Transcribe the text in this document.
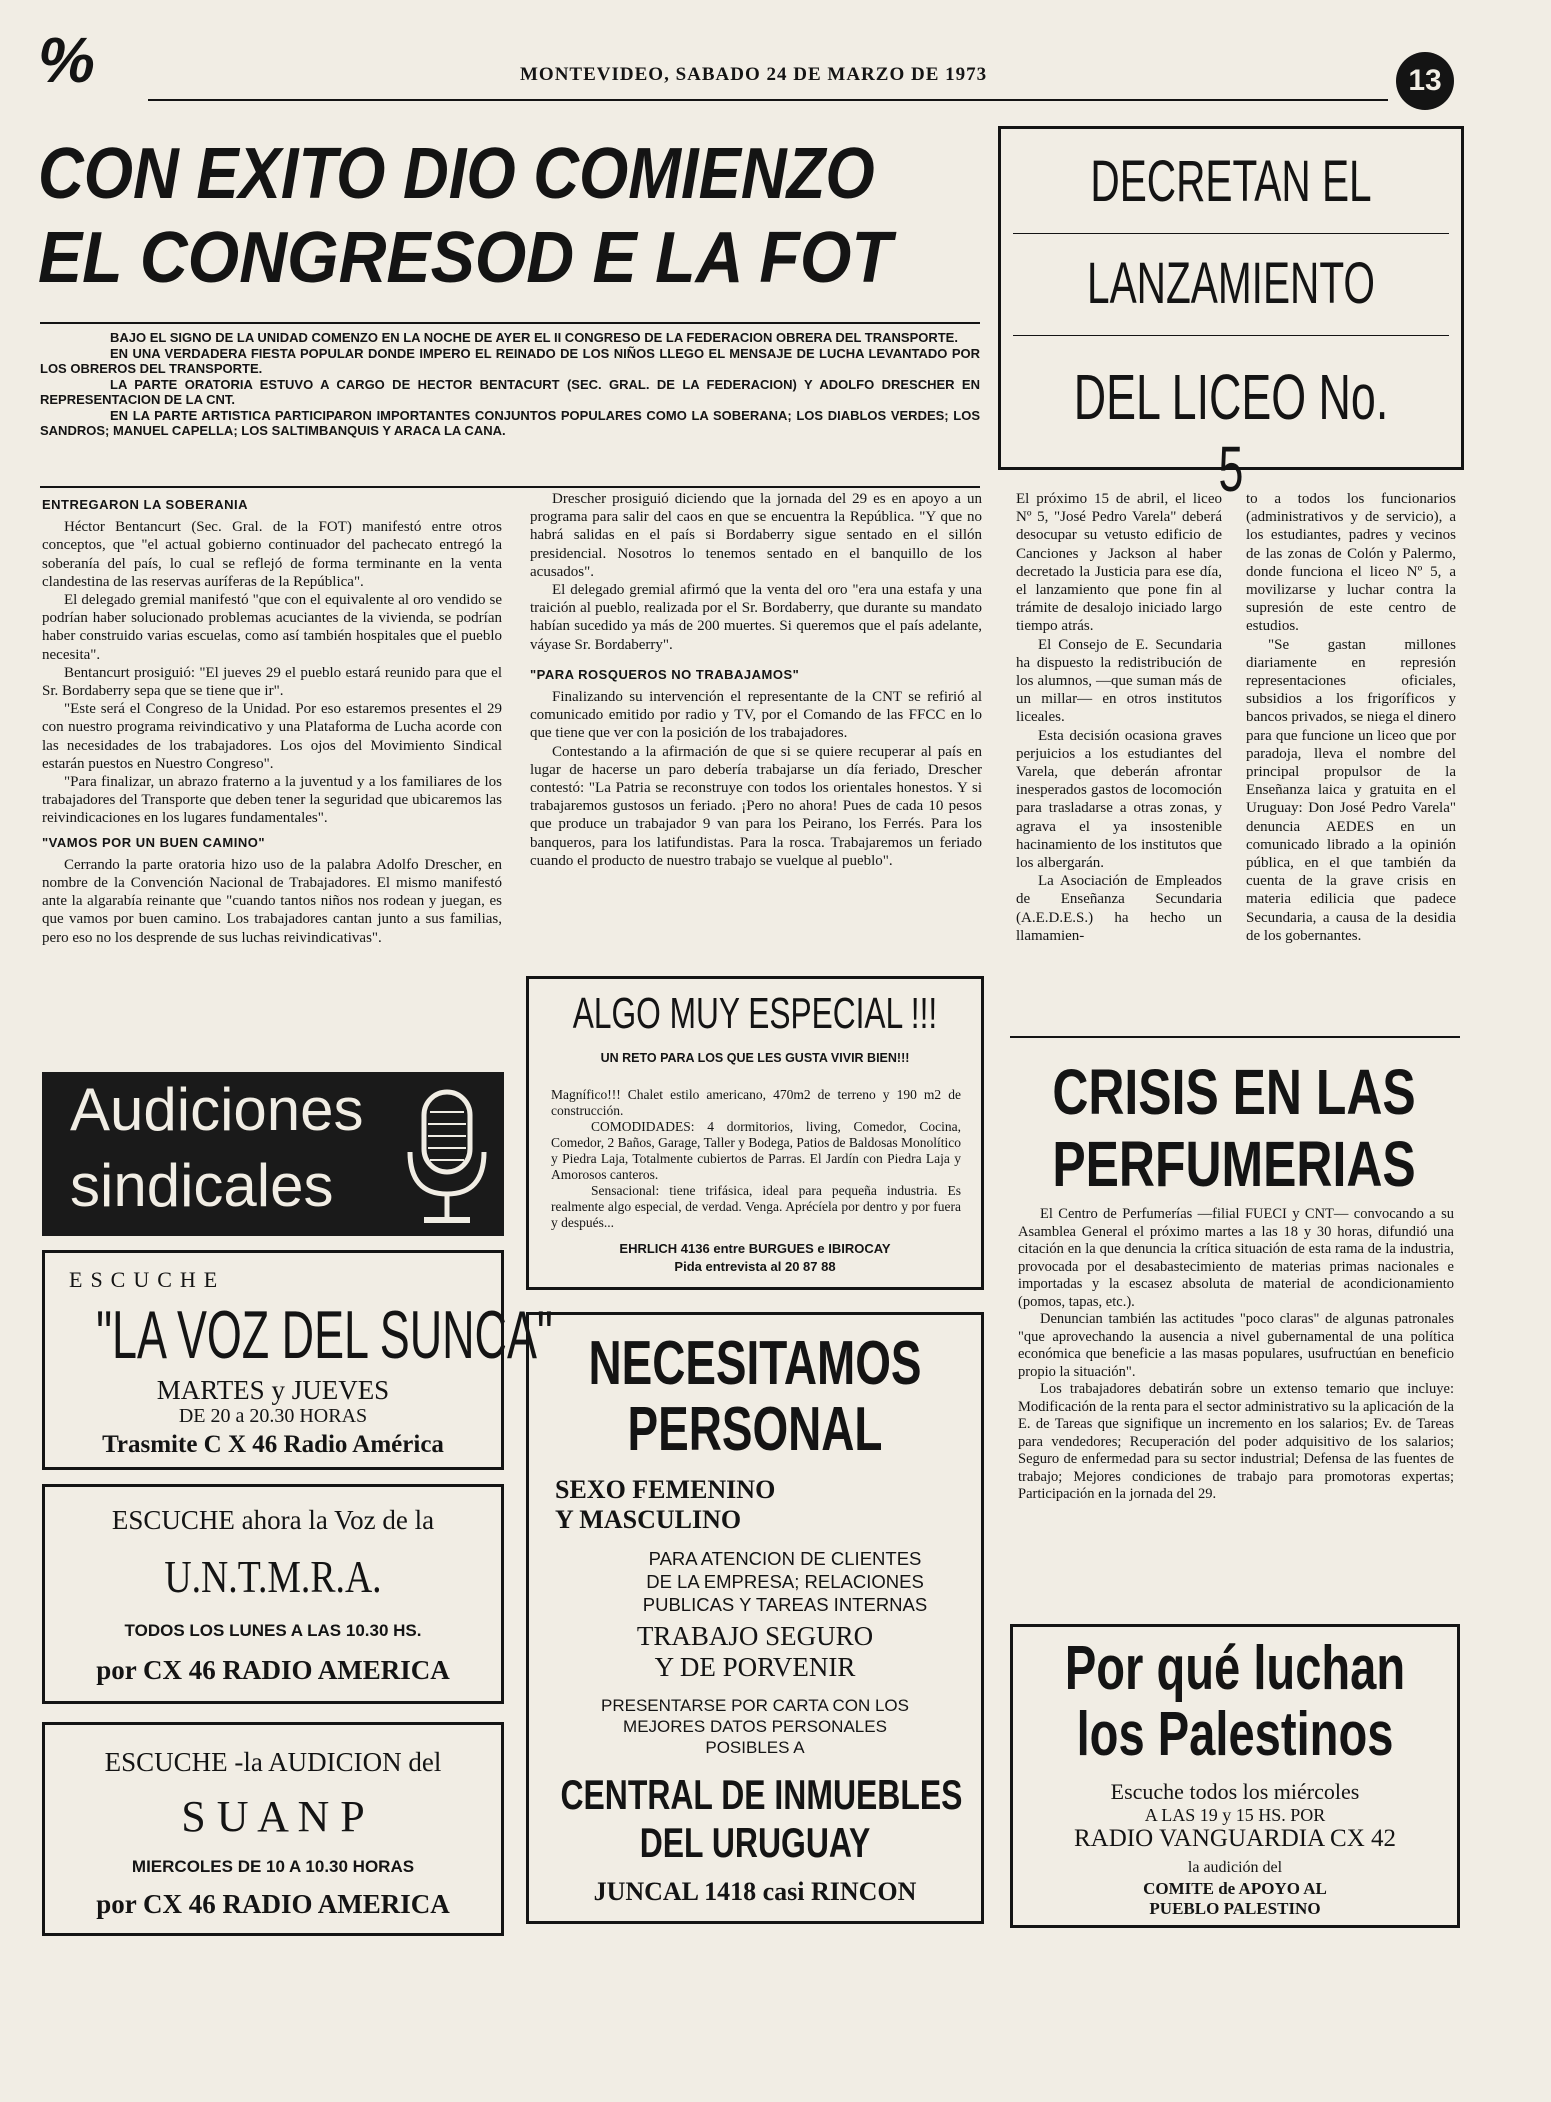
%	MONTEVIDEO, SABADO 24 DE MARZO DE 1973	13
CON EXITO DIO COMIENZO
EL CONGRESOD E LA FOT
BAJO EL SIGNO DE LA UNIDAD COMENZO EN LA NOCHE DE AYER EL II CONGRESO DE LA FEDERACION OBRERA DEL TRANSPORTE.
EN UNA VERDADERA FIESTA POPULAR DONDE IMPERO EL REINADO DE LOS NIÑOS LLEGO EL MENSAJE DE LUCHA LEVANTADO POR LOS OBREROS DEL TRANSPORTE.
LA PARTE ORATORIA ESTUVO A CARGO DE HECTOR BENTACURT (SEC. GRAL. DE LA FEDERACION) Y ADOLFO DRESCHER EN REPRESENTACION DE LA CNT.
EN LA PARTE ARTISTICA PARTICIPARON IMPORTANTES CONJUNTOS POPULARES COMO LA SOBERANA; LOS DIABLOS VERDES; LOS SANDROS; MANUEL CAPELLA; LOS SALTIMBANQUIS Y ARACA LA CANA.
ENTREGARON LA SOBERANIA

Héctor Bentancurt (Sec. Gral. de la FOT) manifestó entre otros conceptos, que "el actual gobierno continuador del pachecato entregó la soberanía del país, lo cual se reflejó de forma terminante en la venta clandestina de las reservas auríferas de la República".

El delegado gremial manifestó "que con el equivalente al oro vendido se podrían haber solucionado problemas acuciantes de la vivienda, se podrían haber construido varias escuelas, como así también hospitales que el pueblo necesita".

Bentancurt prosiguió: "El jueves 29 el pueblo estará reunido para que el Sr. Bordaberry sepa que se tiene que ir".

"Este será el Congreso de la Unidad. Por eso estaremos presentes el 29 con nuestro programa reivindicativo y una Plataforma de Lucha acorde con las necesidades de los trabajadores. Los ojos del Movimiento Sindical estarán puestos en Nuestro Congreso".

"Para finalizar, un abrazo fraterno a la juventud y a los familiares de los trabajadores del Transporte que deben tener la seguridad que ubicaremos las reivindicaciones en los lugares fundamentales".

"VAMOS POR UN BUEN CAMINO"

Cerrando la parte oratoria hizo uso de la palabra Adolfo Drescher, en nombre de la Convención Nacional de Trabajadores. El mismo manifestó ante la algarabía reinante que "cuando tantos niños nos rodean y juegan, es que vamos por buen camino. Los trabajadores cantan junto a sus familias, pero eso no los desprende de sus luchas reivindicativas".

Drescher prosiguió diciendo que la jornada del 29 es en apoyo a un programa para salir del caos en que se encuentra la República. "Y que no habrá salidas en el país si Bordaberry sigue sentado en el sillón presidencial. Nosotros lo tenemos sentado en el banquillo de los acusados".

El delegado gremial afirmó que la venta del oro "era una estafa y una traición al pueblo, realizada por el Sr. Bordaberry, que durante su mandato habían sucedido ya más de 200 muertes. Si queremos que el país adelante, váyase Sr. Bordaberry".

"PARA ROSQUEROS NO TRABAJAMOS"

Finalizando su intervención el representante de la CNT se refirió al comunicado emitido por radio y TV, por el Comando de las FFCC en lo que tiene que ver con la posición de los trabajadores.

Contestando a la afirmación de que si se quiere recuperar al país en lugar de hacerse un paro debería trabajarse un día feriado, Drescher contestó: "La Patria se reconstruye con todos los orientales honestos. Y si trabajaremos gustosos un feriado. ¡Pero no ahora! Pues de cada 10 pesos que produce un trabajador 9 van para los Peirano, los Ferrés. Para los banqueros, para los latifundistas. Para la rosca. Trabajaremos un feriado cuando el producto de nuestro trabajo se vuelque al pueblo".

DECRETAN EL
LANZAMIENTO
DEL LICEO No. 5

El próximo 15 de abril, el liceo Nº 5, "José Pedro Varela" deberá desocupar su vetusto edificio de Canciones y Jackson al haber decretado la Justicia para ese día, el lanzamiento que pone fin al trámite de desalojo iniciado largo tiempo atrás.

El Consejo de E. Secundaria ha dispuesto la redistribución de los alumnos, —que suman más de un millar— en otros institutos liceales.

Esta decisión ocasiona graves perjuicios a los estudiantes del Varela, que deberán afrontar inesperados gastos de locomoción para trasladarse a otras zonas, y agrava el ya insostenible hacinamiento de los institutos que los albergarán.

La Asociación de Empleados de Enseñanza Secundaria (A.E.D.E.S.) ha hecho un llamamien-

to a todos los funcionarios (administrativos y de servicio), a los estudiantes, padres y vecinos de las zonas de Colón y Palermo, donde funciona el liceo Nº 5, a movilizarse y luchar contra la supresión de este centro de estudios.

"Se gastan millones diariamente en represión representaciones oficiales, subsidios a los frigoríficos y bancos privados, se niega el dinero para que funcione un liceo que por paradoja, lleva el nombre del principal propulsor de la Enseñanza laica y gratuita en el Uruguay: Don José Pedro Varela" denuncia AEDES en un comunicado librado a la opinión pública, en el que también da cuenta de la grave crisis en materia edilicia que padece Secundaria, a causa de la desidia de los gobernantes.

Audiciones
sindicales
ESCUCHE
"LA VOZ DEL SUNCA"
MARTES y JUEVES
DE 20 a 20.30 HORAS
Trasmite C X 46 Radio América
ESCUCHE ahora la Voz de la
U.N.T.M.R.A.
TODOS LOS LUNES A LAS 10.30 HS.
por CX 46 RADIO AMERICA
ESCUCHE -la AUDICION del
S U A N P
MIERCOLES DE 10 A 10.30 HORAS
por CX 46 RADIO AMERICA
ALGO MUY ESPECIAL !!!
UN RETO PARA LOS QUE LES GUSTA VIVIR BIEN!!!
Magnífico!!! Chalet estilo americano, 470m2 de terreno y 190 m2 de construcción.
COMODIDADES: 4 dormitorios, living, Comedor, Cocina, Comedor, 2 Baños, Garage, Taller y Bodega, Patios de Baldosas Monolítico y Piedra Laja, Totalmente cubiertos de Parras. El Jardín con Piedra Laja y Amorosos canteros.
Sensacional: tiene trifásica, ideal para pequeña industria. Es realmente algo especial, de verdad. Venga. Aprécíela por dentro y por fuera y después...
EHRLICH 4136 entre BURGUES e IBIROCAY
Pida entrevista al 20 87 88
NECESITAMOS
PERSONAL
SEXO FEMENINO
Y MASCULINO
PARA ATENCION DE CLIENTES
DE LA EMPRESA; RELACIONES
PUBLICAS Y TAREAS INTERNAS
TRABAJO SEGURO
Y DE PORVENIR
PRESENTARSE POR CARTA CON LOS
MEJORES DATOS PERSONALES
POSIBLES A
CENTRAL DE INMUEBLES
DEL URUGUAY
JUNCAL 1418 casi RINCON
CRISIS EN LAS
PERFUMERIAS

El Centro de Perfumerías —filial FUECI y CNT— convocando a su Asamblea General el próximo martes a las 18 y 30 horas, difundió una citación en la que denuncia la crítica situación de esta rama de la industria, provocada por el desabastecimiento de materias primas nacionales e importadas y la escasez absoluta de material de acondicionamiento (pomos, tapas, etc.).

Denuncian también las actitudes "poco claras" de algunas patronales "que aprovechando la ausencia a nivel gubernamental de una política económica que beneficie a las masas populares, usufructúan en beneficio propio la situación".

Los trabajadores debatirán sobre un extenso temario que incluye: Modificación de la renta para el sector administrativo su la aplicación de la E. de Tareas que signifique un incremento en los salarios; Ev. de Tareas para vendedores; Recuperación del poder adquisitivo de los salarios; Seguro de enfermedad para su sector industrial; Defensa de las fuentes de trabajo; Mejores condiciones de trabajo para promotoras expertas; Participación en la jornada del 29.

Por qué luchan
los Palestinos
Escuche todos los miércoles
A LAS 19 y 15 HS. POR
RADIO VANGUARDIA CX 42
la audición del
COMITE de APOYO AL
PUEBLO PALESTINO
